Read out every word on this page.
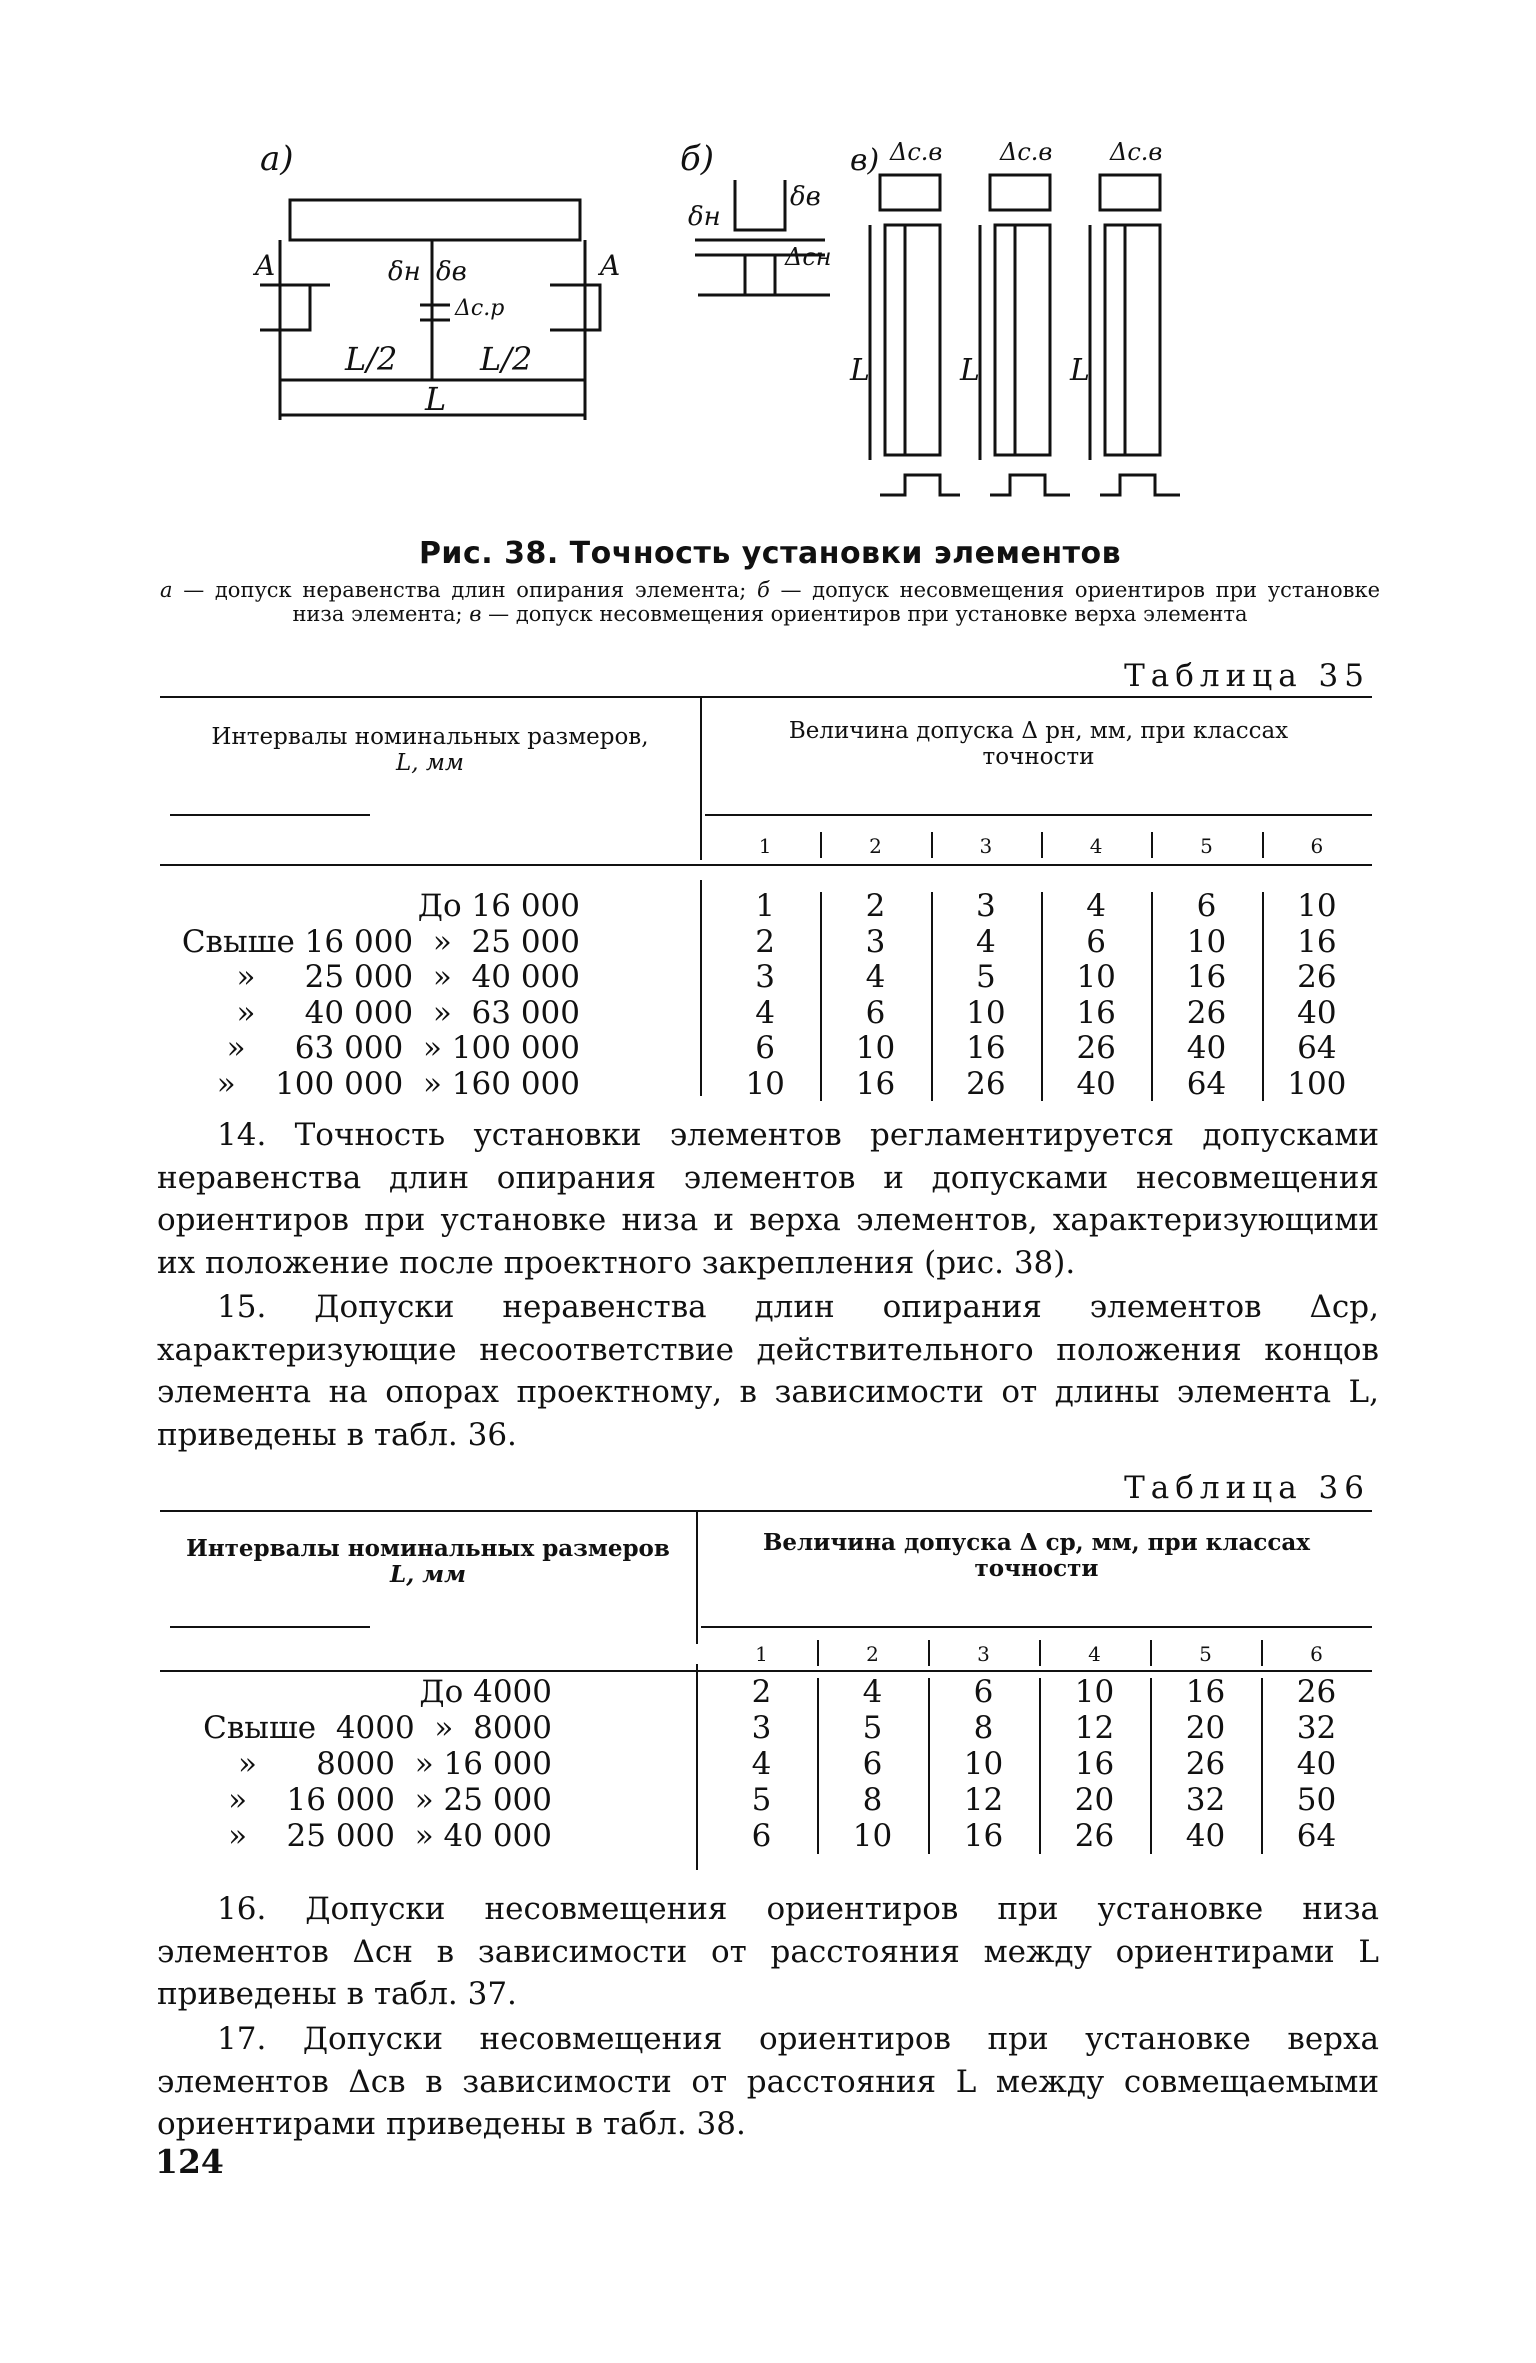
а)	б)	в)
A	A
δн δв
Δс.р
L/2	L/2
L
δн
δв
Δсн
Δс.в Δс.в Δс.в
L	L	L
Рис. 38. Точность установки элементов
а — допуск неравенства длин опирания элемента; б — допуск несовмещения ориентиров при установке низа элемента; в — допуск несовмещения ориентиров при установке верха элемента
Таблица 35
Интервалы номинальных размеров,
L, мм
Величина допуска Δ рн, мм, при классах
точности
1	2	3	4	5	6
До 16 000	1	2	3	4	6	10
Свыше 16 000  »  25 000	2	3	4	6	10	16
»     25 000  »  40 000	3	4	5	10	16	26
»     40 000  »  63 000	4	6	10	16	26	40
»     63 000  » 100 000	6	10	16	26	40	64
»    100 000  » 160 000	10	16	26	40	64	100
14. Точность установки элементов регламентируется допусками неравенства длин опирания элементов и допусками несовмещения ориентиров при установке низа и верха элементов, характеризующими их положение после проектного закрепления (рис. 38).
15. Допуски неравенства длин опирания элементов Δср, характеризующие несоответствие действительного положения концов элемента на опорах проектному, в зависимости от длины элемента L, приведены в табл. 36.
Таблица 36
Интервалы номинальных размеров
L, мм
Величина допуска Δ ср, мм, при классах
точности
1	2	3	4	5	6
До 4000	2	4	6	10	16	26
Свыше  4000  »  8000	3	5	8	12	20	32
»      8000  » 16 000	4	6	10	16	26	40
»    16 000  » 25 000	5	8	12	20	32	50
»    25 000  » 40 000	6	10	16	26	40	64
16. Допуски несовмещения ориентиров при установке низа элементов Δсн в зависимости от расстояния между ориентирами L приведены в табл. 37.
17. Допуски несовмещения ориентиров при установке верха элементов Δсв в зависимости от расстояния L между совмещаемыми ориентирами приведены в табл. 38.
124
